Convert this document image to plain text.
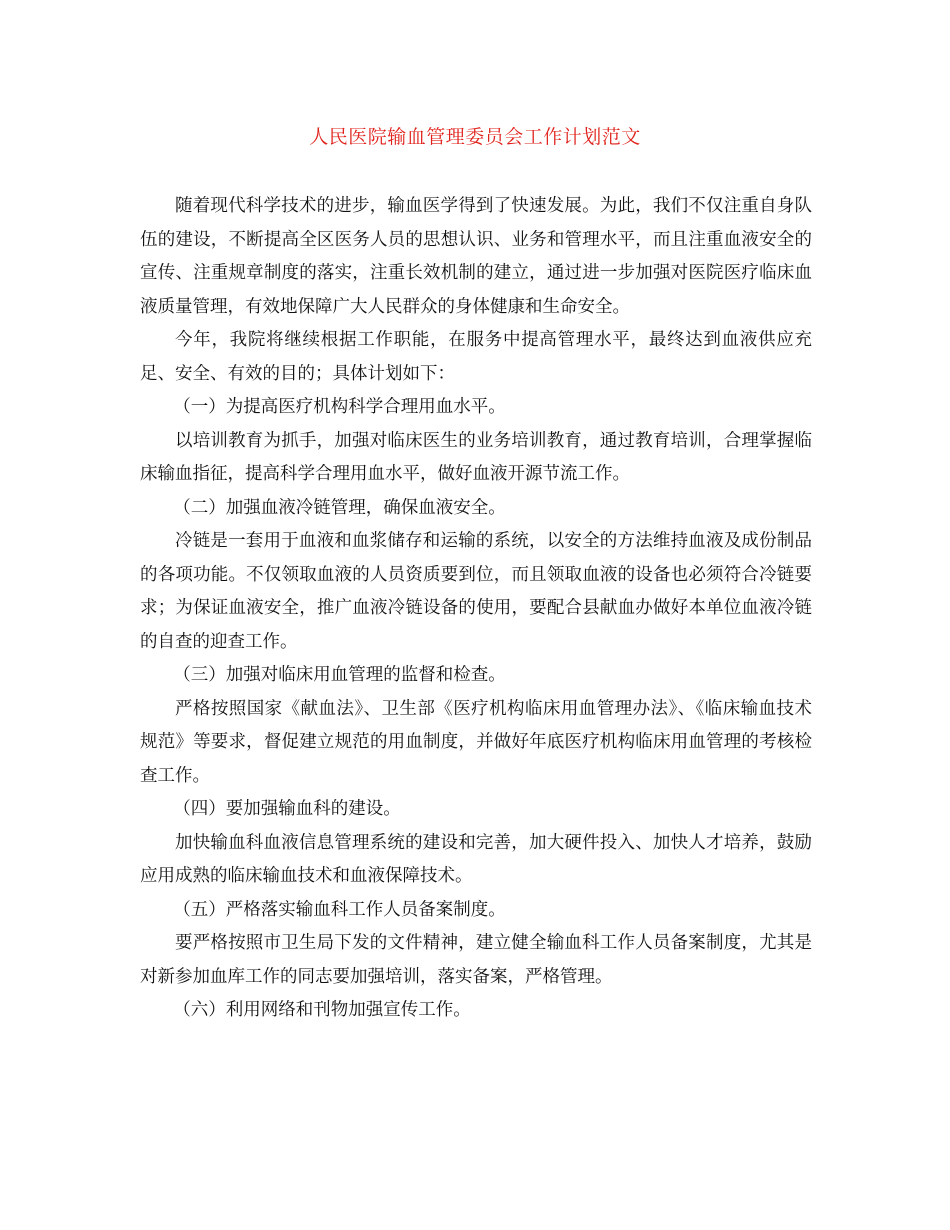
人民医院输血管理委员会工作计划范文

随着现代科学技术的进步，输血医学得到了快速发展。为此，我们不仅注重自身队伍的建设，不断提高全区医务人员的思想认识、业务和管理水平，而且注重血液安全的宣传、注重规章制度的落实，注重长效机制的建立，通过进一步加强对医院医疗临床血液质量管理，有效地保障广大人民群众的身体健康和生命安全。

今年，我院将继续根据工作职能，在服务中提高管理水平，最终达到血液供应充足、安全、有效的目的；具体计划如下：

（一）为提高医疗机构科学合理用血水平。

以培训教育为抓手，加强对临床医生的业务培训教育，通过教育培训，合理掌握临床输血指征，提高科学合理用血水平，做好血液开源节流工作。

（二）加强血液冷链管理，确保血液安全。

冷链是一套用于血液和血浆储存和运输的系统，以安全的方法维持血液及成份制品的各项功能。不仅领取血液的人员资质要到位，而且领取血液的设备也必须符合冷链要求；为保证血液安全，推广血液冷链设备的使用，要配合县献血办做好本单位血液冷链的自查的迎查工作。

（三）加强对临床用血管理的监督和检查。

严格按照国家《献血法》、卫生部《医疗机构临床用血管理办法》、《临床输血技术规范》等要求，督促建立规范的用血制度，并做好年底医疗机构临床用血管理的考核检查工作。

（四）要加强输血科的建设。

加快输血科血液信息管理系统的建设和完善，加大硬件投入、加快人才培养，鼓励应用成熟的临床输血技术和血液保障技术。

（五）严格落实输血科工作人员备案制度。

要严格按照市卫生局下发的文件精神，建立健全输血科工作人员备案制度，尤其是对新参加血库工作的同志要加强培训，落实备案，严格管理。

（六）利用网络和刊物加强宣传工作。
